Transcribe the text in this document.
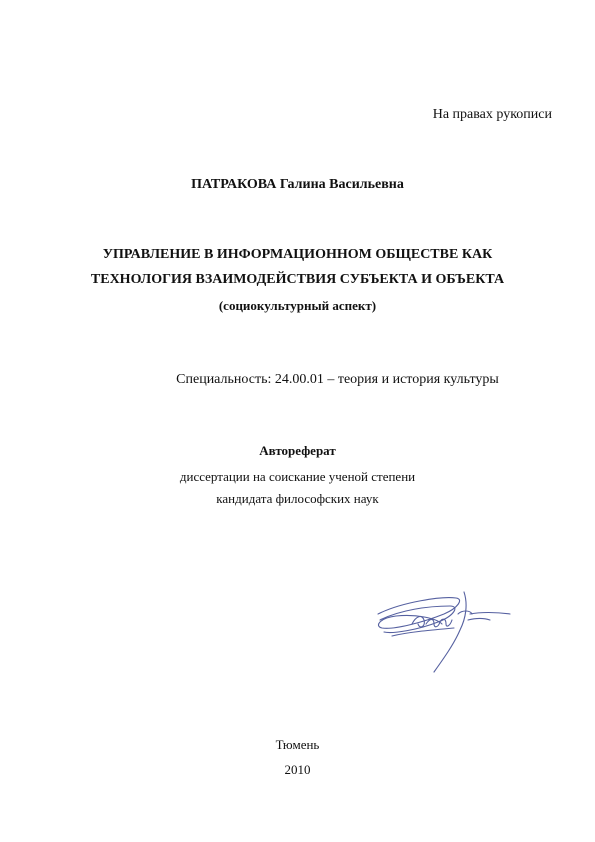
На правах рукописи
ПАТРАКОВА Галина Васильевна
УПРАВЛЕНИЕ В ИНФОРМАЦИОННОМ ОБЩЕСТВЕ КАК
ТЕХНОЛОГИЯ ВЗАИМОДЕЙСТВИЯ СУБЪЕКТА И ОБЪЕКТА
(социокультурный аспект)
Специальность: 24.00.01 – теория и история культуры
Автореферат
диссертации на соискание ученой степени
кандидата философских наук
Тюмень
2010
